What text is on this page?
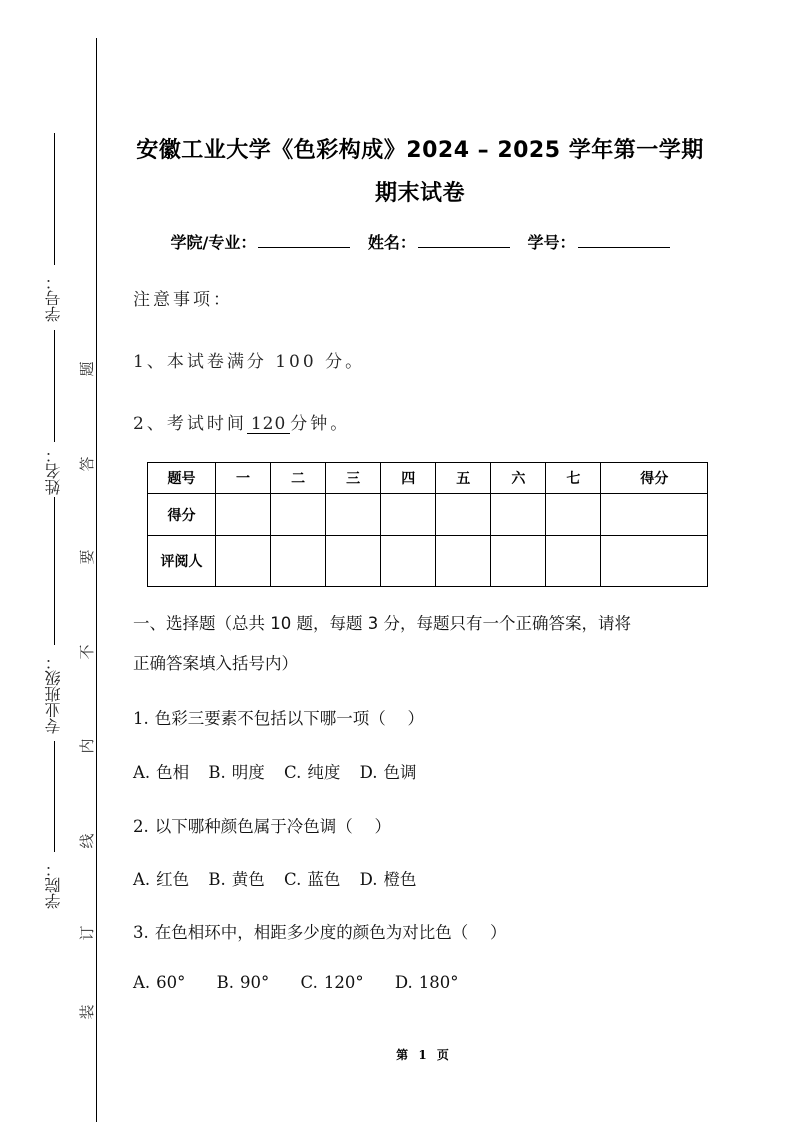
学号：
姓名：
专业班级：
学院：
题
答
要
不
内
线
订
装
安徽工业大学《色彩构成》2024 – 2025 学年第一学期
期末试卷
学院/专业：	姓名：	学号：
注意事项：
1、本试卷满分 100 分。
2、考试时间120分钟。
题号	一	二	三	四	五	六	七	得分
得分								
评阅人								
一、选择题（总共 10 题，每题 3 分，每题只有一个正确答案，请将
正确答案填入括号内）
1. 色彩三要素不包括以下哪一项（　 ）
A. 色相 B. 明度 C. 纯度 D. 色调
2. 以下哪种颜色属于冷色调（　 ）
A. 红色 B. 黄色 C. 蓝色 D. 橙色
3. 在色相环中，相距多少度的颜色为对比色（　 ）
A. 60° B. 90° C. 120° D. 180°
第 1 页
